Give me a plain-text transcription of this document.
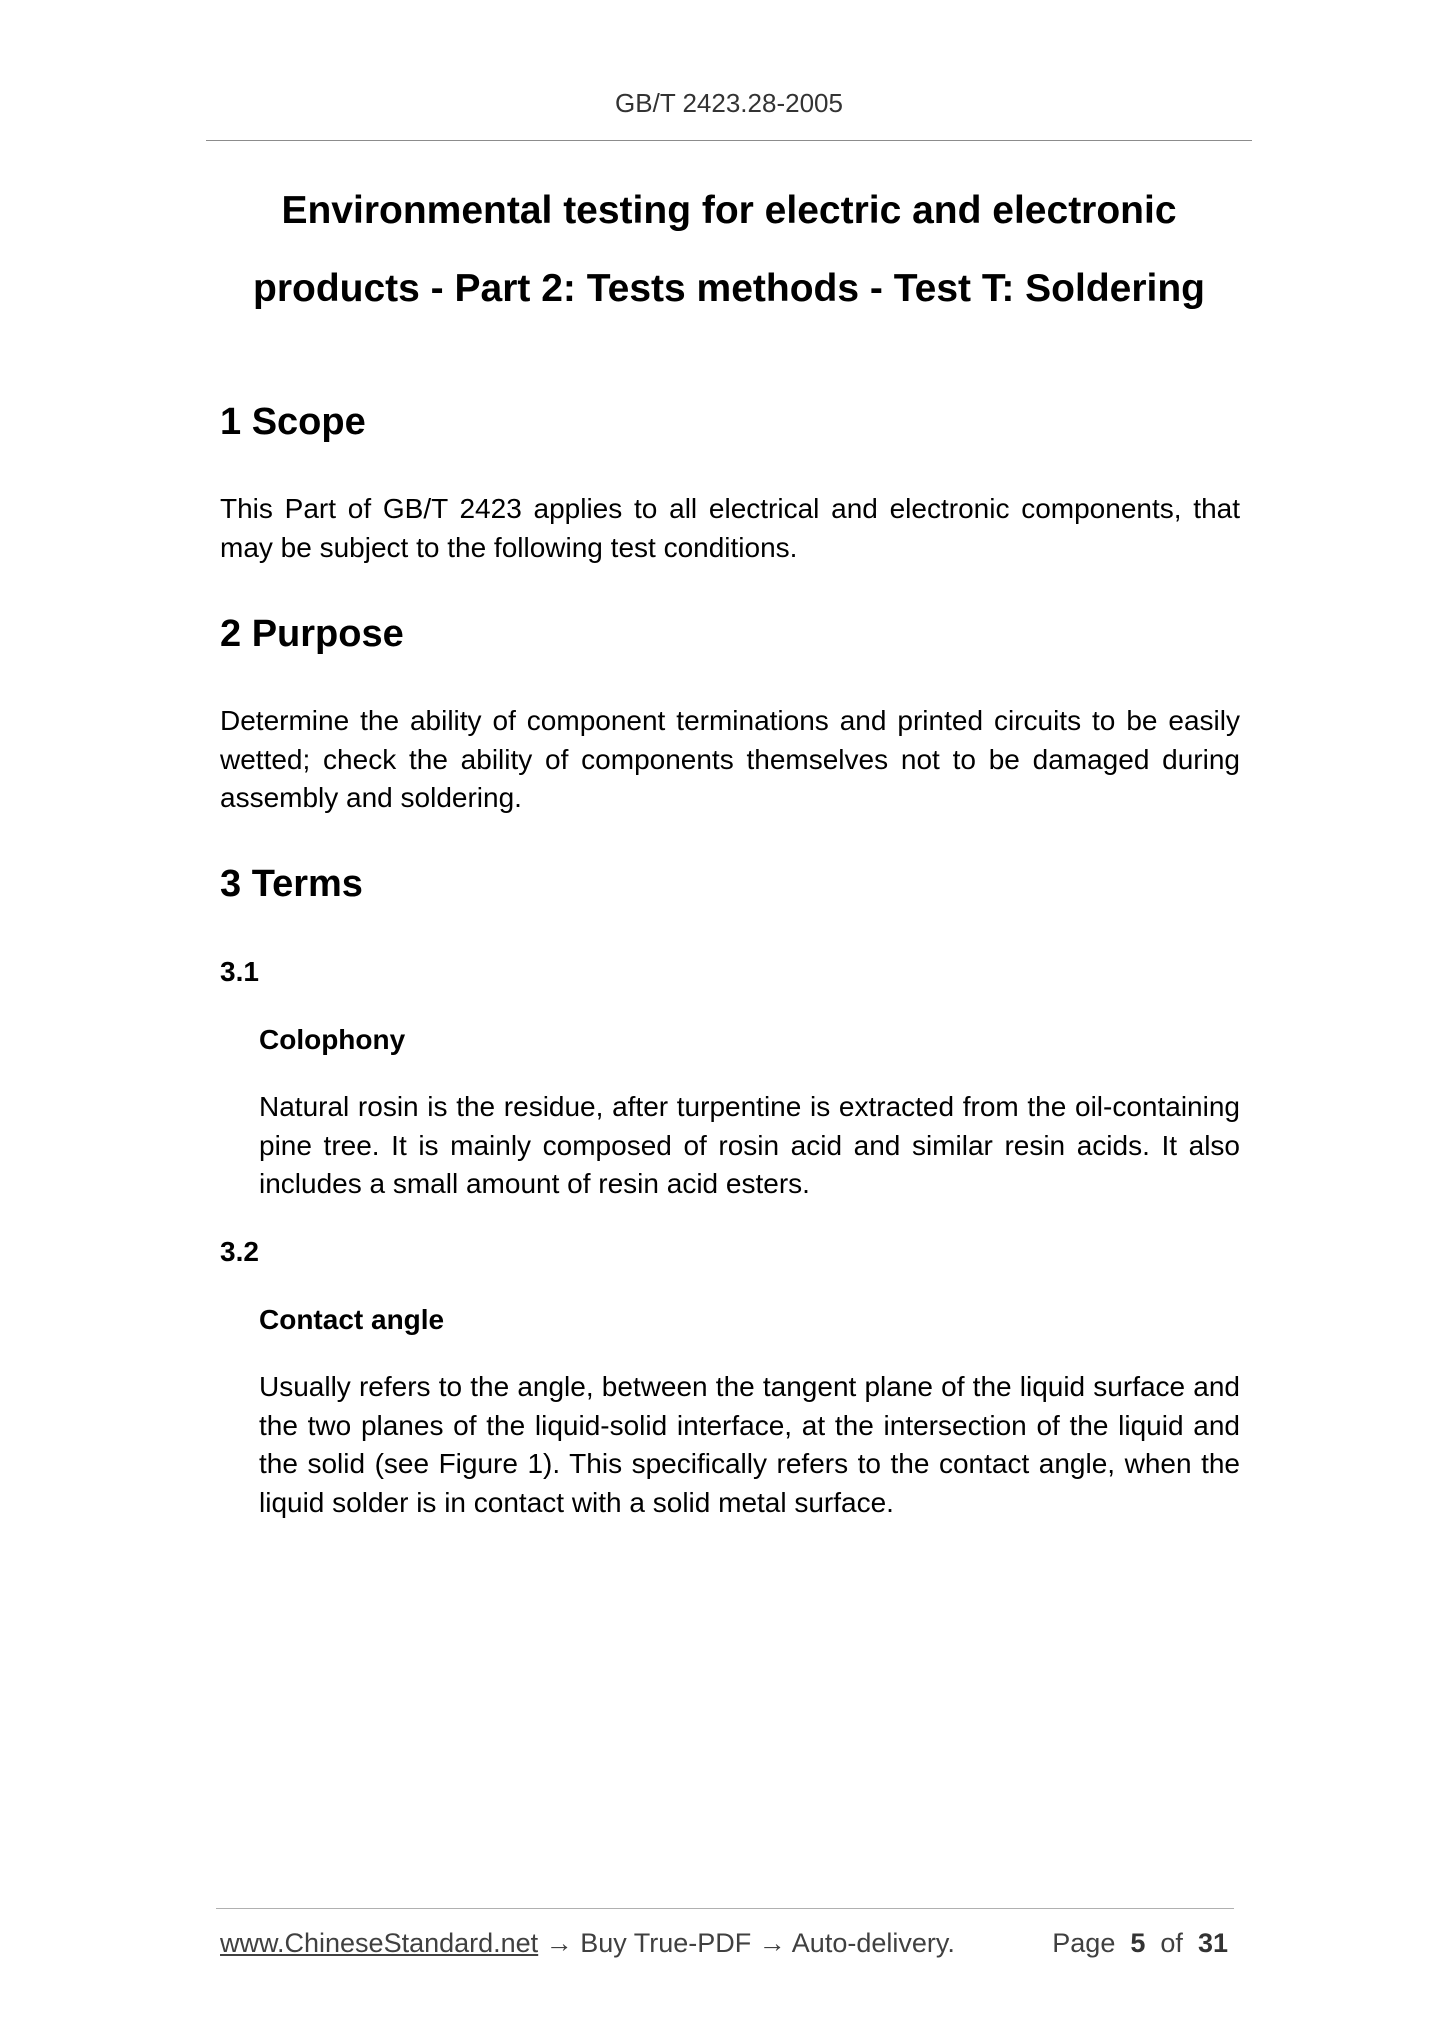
GB/T 2423.28-2005
Environmental testing for electric and electronic
products - Part 2: Tests methods - Test T: Soldering
1 Scope

This Part of GB/T 2423 applies to all electrical and electronic components, that may be subject to the following test conditions.

2 Purpose

Determine the ability of component terminations and printed circuits to be easily wetted; check the ability of components themselves not to be damaged during assembly and soldering.

3 Terms
3.1
Colophony

Natural rosin is the residue, after turpentine is extracted from the oil-containing pine tree. It is mainly composed of rosin acid and similar resin acids. It also includes a small amount of resin acid esters.

3.2
Contact angle

Usually refers to the angle, between the tangent plane of the liquid surface and the two planes of the liquid-solid interface, at the intersection of the liquid and the solid (see Figure 1). This specifically refers to the contact angle, when the liquid solder is in contact with a solid metal surface.

www.ChineseStandard.net → Buy True-PDF → Auto-delivery.	Page 5 of 31
